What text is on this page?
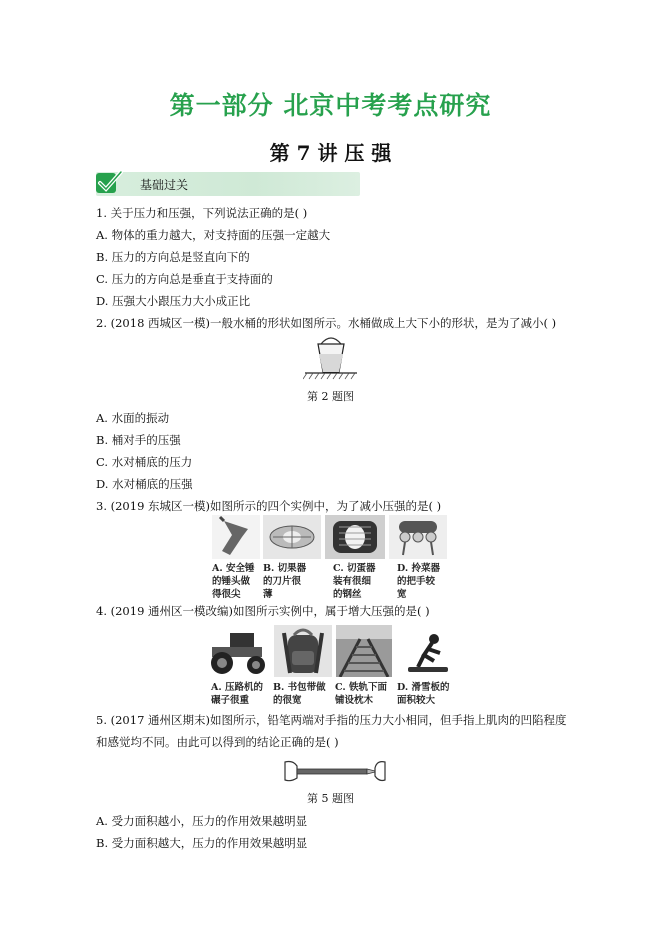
第一部分 北京中考考点研究
第 7 讲 压 强
基础过关
1. 关于压力和压强，下列说法正确的是( )
A. 物体的重力越大，对支持面的压强一定越大
B. 压力的方向总是竖直向下的
C. 压力的方向总是垂直于支持面的
D. 压强大小跟压力大小成正比
2. (2018 西城区一模)一般水桶的形状如图所示。水桶做成上大下小的形状，是为了减小( )
第 2 题图
A. 水面的振动
B. 桶对手的压强
C. 水对桶底的压力
D. 水对桶底的压强
3. (2019 东城区一模)如图所示的四个实例中，为了减小压强的是( )
A. 安全锤
的锤头做
得很尖
B. 切果器
的刀片很
薄
C. 切蛋器
装有很细
的钢丝
D. 拎菜器
的把手较
宽
4. (2019 通州区一模改编)如图所示实例中，属于增大压强的是( )
A. 压路机的
碾子很重
B. 书包带做
的很宽
C. 铁轨下面
铺设枕木
D. 滑雪板的
面积较大
5. (2017 通州区期末)如图所示，铅笔两端对手指的压力大小相同，但手指上肌肉的凹陷程度
和感觉均不同。由此可以得到的结论正确的是( )
第 5 题图
A. 受力面积越小，压力的作用效果越明显
B. 受力面积越大，压力的作用效果越明显
